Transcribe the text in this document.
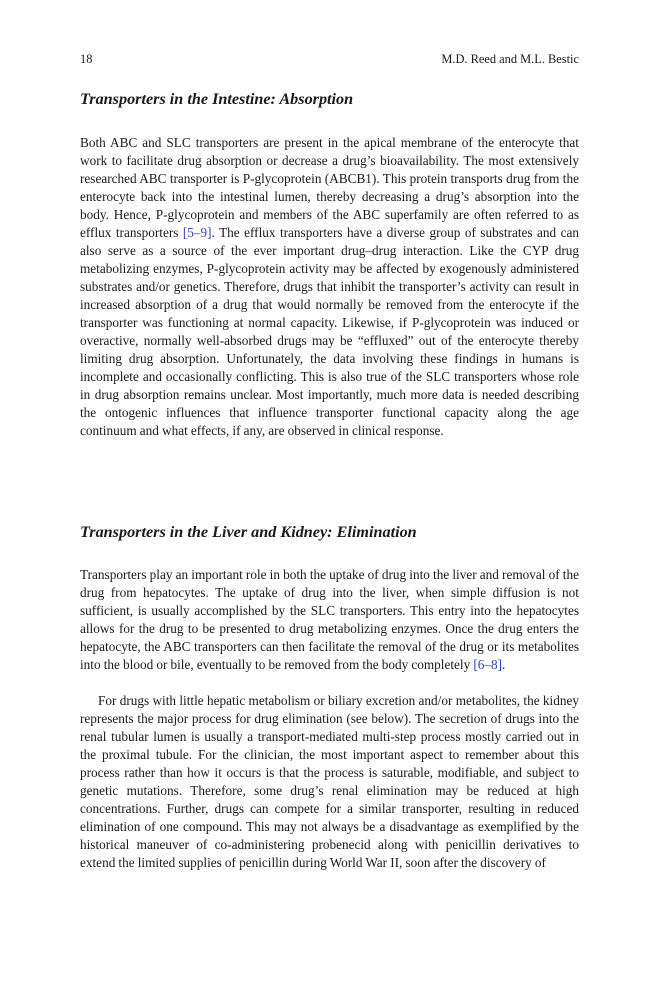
18	M.D. Reed and M.L. Bestic
Transporters in the Intestine: Absorption

Both ABC and SLC transporters are present in the apical membrane of the enterocyte that work to facilitate drug absorption or decrease a drug’s bioavailability. The most extensively researched ABC transporter is P-glycoprotein (ABCB1). This protein transports drug from the enterocyte back into the intestinal lumen, thereby decreasing a drug’s absorption into the body. Hence, P-glycoprotein and members of the ABC superfamily are often referred to as efflux transporters [5–9]. The efflux transporters have a diverse group of substrates and can also serve as a source of the ever important drug–drug interaction. Like the CYP drug metabolizing enzymes, P-glycoprotein activity may be affected by exogenously administered substrates and/or genetics. Therefore, drugs that inhibit the transporter’s activity can result in increased absorption of a drug that would normally be removed from the enterocyte if the transporter was functioning at normal capacity. Likewise, if P-glycoprotein was induced or overactive, normally well-absorbed drugs may be “effluxed” out of the enterocyte thereby limiting drug absorption. Unfortunately, the data involving these findings in humans is incomplete and occasionally conflicting. This is also true of the SLC transporters whose role in drug absorption remains unclear. Most importantly, much more data is needed describing the ontogenic influences that influence transporter functional capacity along the age continuum and what effects, if any, are observed in clinical response.

Transporters in the Liver and Kidney: Elimination

Transporters play an important role in both the uptake of drug into the liver and removal of the drug from hepatocytes. The uptake of drug into the liver, when simple diffusion is not sufficient, is usually accomplished by the SLC transporters. This entry into the hepatocytes allows for the drug to be presented to drug metabolizing enzymes. Once the drug enters the hepatocyte, the ABC transporters can then facilitate the removal of the drug or its metabolites into the blood or bile, eventually to be removed from the body completely [6–8].

For drugs with little hepatic metabolism or biliary excretion and/or metabolites, the kidney represents the major process for drug elimination (see below). The secretion of drugs into the renal tubular lumen is usually a transport-mediated multi-step process mostly carried out in the proximal tubule. For the clinician, the most important aspect to remember about this process rather than how it occurs is that the process is saturable, modifiable, and subject to genetic mutations. Therefore, some drug’s renal elimination may be reduced at high concentrations. Further, drugs can compete for a similar transporter, resulting in reduced elimination of one compound. This may not always be a disadvantage as exemplified by the historical maneuver of co-administering probenecid along with penicillin derivatives to extend the limited supplies of penicillin during World War II, soon after the discovery of
